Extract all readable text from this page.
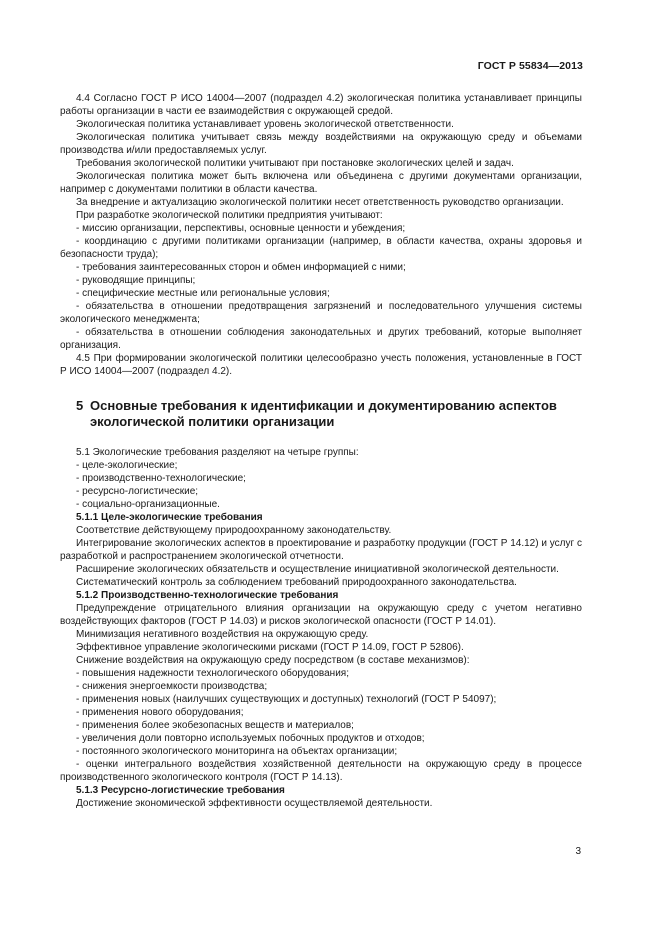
ГОСТ Р 55834—2013

4.4 Согласно ГОСТ Р ИСО 14004—2007 (подраздел 4.2) экологическая политика устанавливает принципы работы организации в части ее взаимодействия с окружающей средой.

Экологическая политика устанавливает уровень экологической ответственности.

Экологическая политика учитывает связь между воздействиями на окружающую среду и объемами производства и/или предоставляемых услуг.

Требования экологической политики учитывают при постановке экологических целей и задач.

Экологическая политика может быть включена или объединена с другими документами организации, например с документами политики в области качества.

За внедрение и актуализацию экологической политики несет ответственность руководство организации.

При разработке экологической политики предприятия учитывают:

- миссию организации, перспективы, основные ценности и убеждения;

- координацию с другими политиками организации (например, в области качества, охраны здоровья и безопасности труда);

- требования заинтересованных сторон и обмен информацией с ними;

- руководящие принципы;

- специфические местные или региональные условия;

- обязательства в отношении предотвращения загрязнений и последовательного улучшения системы экологического менеджмента;

- обязательства в отношении соблюдения законодательных и других требований, которые выполняет организация.

4.5 При формировании экологической политики целесообразно учесть положения, установленные в ГОСТ Р ИСО 14004—2007 (подраздел 4.2).

5 Основные требования к идентификации и документированию аспектов
экологической политики организации

5.1 Экологические требования разделяют на четыре группы:

- целе-экологические;

- производственно-технологические;

- ресурсно-логистические;

- социально-организационные.

5.1.1 Целе-экологические требования

Соответствие действующему природоохранному законодательству.

Интегрирование экологических аспектов в проектирование и разработку продукции (ГОСТ Р 14.12) и услуг с разработкой и распространением экологической отчетности.

Расширение экологических обязательств и осуществление инициативной экологической деятельности.

Систематический контроль за соблюдением требований природоохранного законодательства.

5.1.2 Производственно-технологические требования

Предупреждение отрицательного влияния организации на окружающую среду с учетом негативно воздействующих факторов (ГОСТ Р 14.03) и рисков экологической опасности (ГОСТ Р 14.01).

Минимизация негативного воздействия на окружающую среду.

Эффективное управление экологическими рисками (ГОСТ Р 14.09, ГОСТ Р 52806).

Снижение воздействия на окружающую среду посредством (в составе механизмов):

- повышения надежности технологического оборудования;

- снижения энергоемкости производства;

- применения новых (наилучших существующих и доступных) технологий (ГОСТ Р 54097);

- применения нового оборудования;

- применения более экобезопасных веществ и материалов;

- увеличения доли повторно используемых побочных продуктов и отходов;

- постоянного экологического мониторинга на объектах организации;

- оценки интегрального воздействия хозяйственной деятельности на окружающую среду в процессе производственного экологического контроля (ГОСТ Р 14.13).

5.1.3 Ресурсно-логистические требования

Достижение экономической эффективности осуществляемой деятельности.

3
